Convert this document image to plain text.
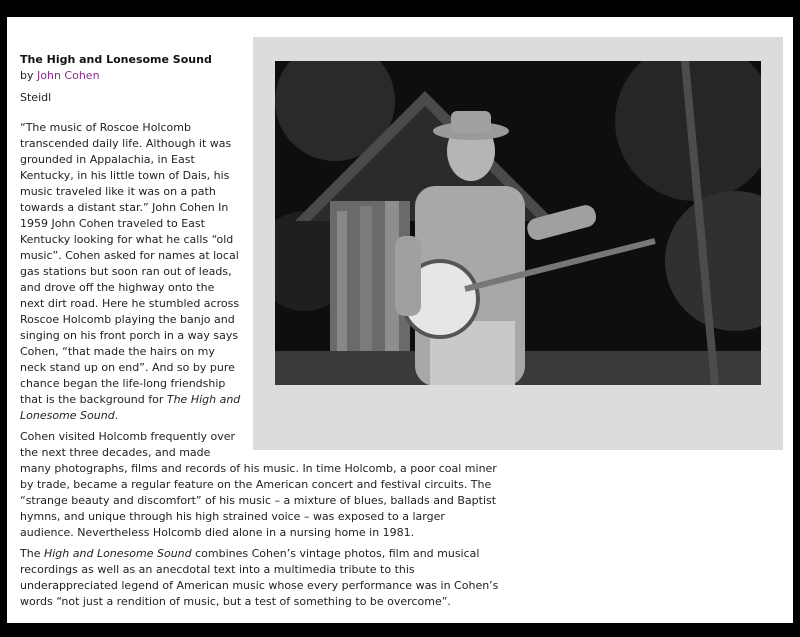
The High and Lonesome Sound

by John Cohen

Steidl

“The music of Roscoe Holcomb transcended daily life. Although it was grounded in Appalachia, in East Kentucky, in his little town of Dais, his music traveled like it was on a path towards a distant star.” John Cohen In 1959 John Cohen traveled to East Kentucky looking for what he calls “old music”. Cohen asked for names at local gas stations but soon ran out of leads, and drove off the highway onto the next dirt road. Here he stumbled across Roscoe Holcomb playing the banjo and singing on his front porch in a way says Cohen, “that made the hairs on my neck stand up on end”. And so by pure chance began the life-long friendship that is the background for The High and Lonesome Sound.

Cohen visited Holcomb frequently over the next three decades, and made many photographs, films and records of his music. In time Holcomb, a poor coal miner by trade, became a regular feature on the American concert and festival circuits. The “strange beauty and discomfort” of his music – a mixture of blues, ballads and Baptist hymns, and unique through his high strained voice – was exposed to a larger audience. Nevertheless Holcomb died alone in a nursing home in 1981.

The High and Lonesome Sound combines Cohen’s vintage photos, film and musical recordings as well as an anecdotal text into a multimedia tribute to this underappreciated legend of American music whose every performance was in Cohen’s words “not just a rendition of music, but a test of something to be overcome”.
